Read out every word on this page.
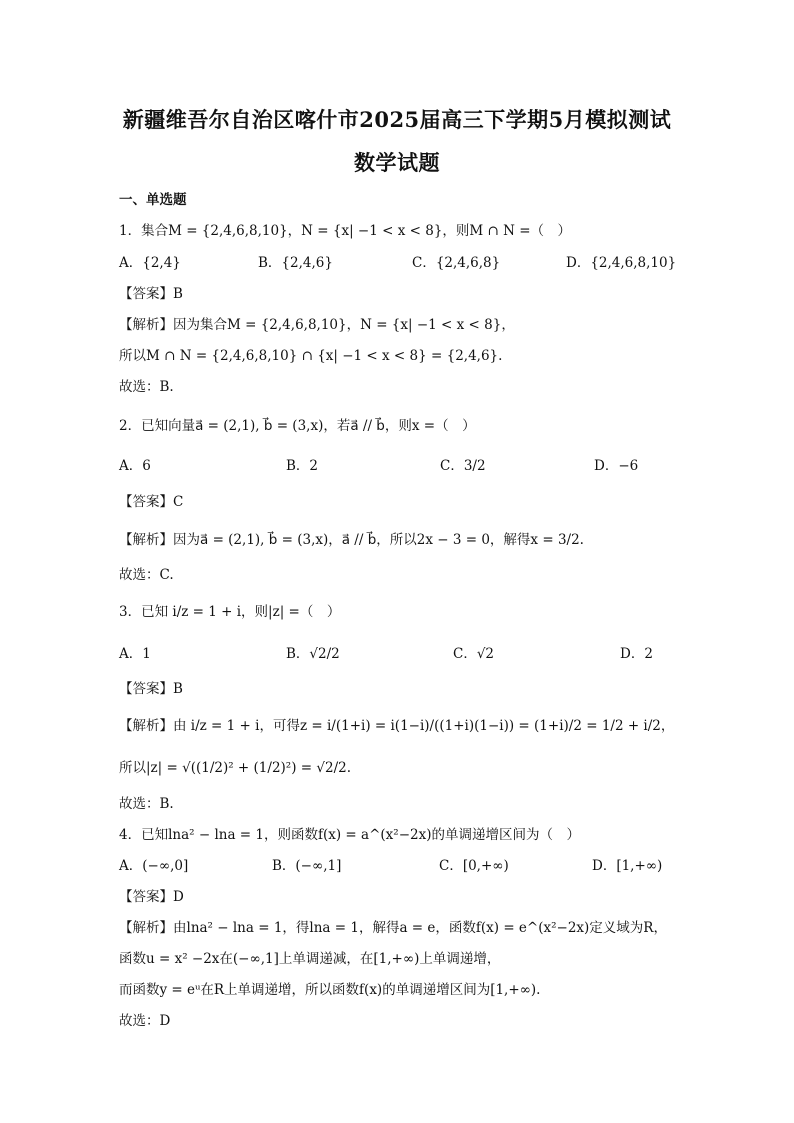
新疆维吾尔自治区喀什市2025届高三下学期5月模拟测试
数学试题
一、单选题
1．集合M = {2,4,6,8,10}，N = {x| −1 < x < 8}，则M ∩ N =（　）
A．{2,4}	B．{2,4,6}	C．{2,4,6,8}	D．{2,4,6,8,10}
【答案】B
【解析】因为集合M = {2,4,6,8,10}，N = {x| −1 < x < 8}，
所以M ∩ N = {2,4,6,8,10} ∩ {x| −1 < x < 8} = {2,4,6}.
故选：B.
2．已知向量a⃗ = (2,1), b⃗ = (3,x)，若a⃗ // b⃗，则x =（　）
A．6	B．2	C．3/2	D．−6
【答案】C
【解析】因为a⃗ = (2,1), b⃗ = (3,x)，a⃗ // b⃗，所以2x − 3 = 0，解得x = 3/2.
故选：C.
3．已知 i/z = 1 + i，则|z| =（　）
A．1	B．√2/2	C．√2	D．2
【答案】B
【解析】由 i/z = 1 + i，可得z = i/(1+i) = i(1−i)/((1+i)(1−i)) = (1+i)/2 = 1/2 + i/2，
所以|z| = √((1/2)² + (1/2)²) = √2/2.
故选：B.
4．已知lna² − lna = 1，则函数f(x) = a^(x²−2x)的单调递增区间为（　）
A．(−∞,0]	B．(−∞,1]	C．[0,+∞)	D．[1,+∞)
【答案】D
【解析】由lna² − lna = 1，得lna = 1，解得a = e，函数f(x) = e^(x²−2x)定义域为R，
函数u = x² −2x在(−∞,1]上单调递减，在[1,+∞)上单调递增，
而函数y = eᵘ在R上单调递增，所以函数f(x)的单调递增区间为[1,+∞).
故选：D
